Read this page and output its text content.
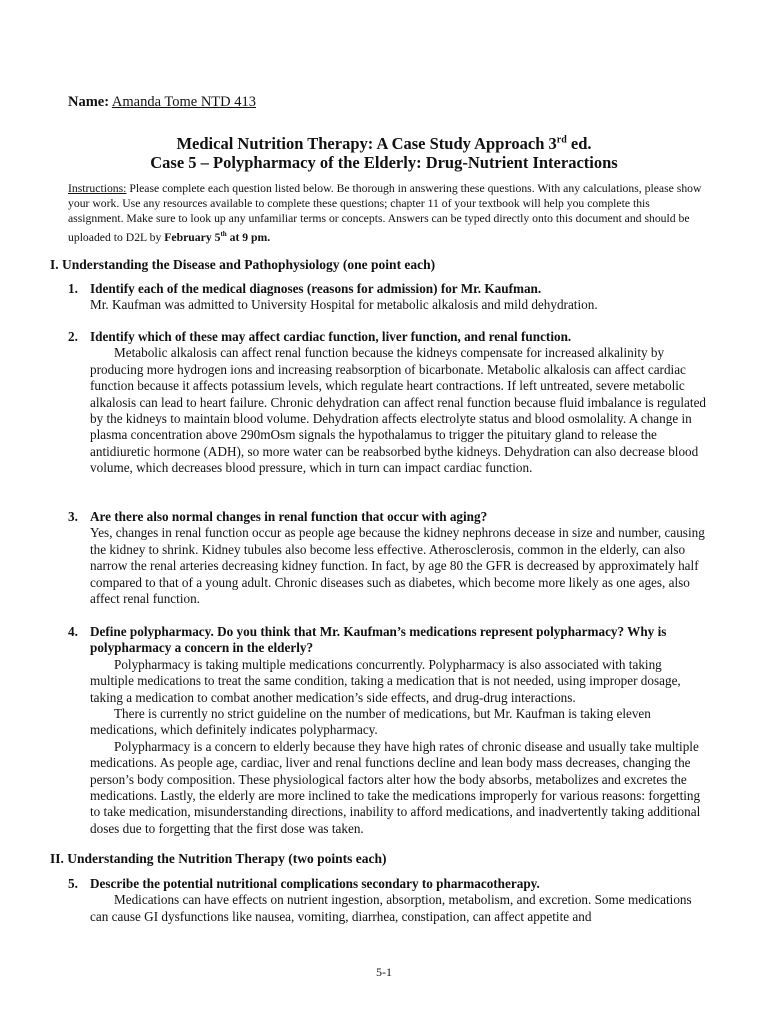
Name: Amanda Tome NTD 413
Medical Nutrition Therapy: A Case Study Approach 3rd ed.
Case 5 – Polypharmacy of the Elderly: Drug-Nutrient Interactions
Instructions: Please complete each question listed below. Be thorough in answering these questions. With any calculations, please show your work. Use any resources available to complete these questions; chapter 11 of your textbook will help you complete this assignment. Make sure to look up any unfamiliar terms or concepts. Answers can be typed directly onto this document and should be uploaded to D2L by February 5th at 9 pm.
I. Understanding the Disease and Pathophysiology (one point each)
1. Identify each of the medical diagnoses (reasons for admission) for Mr. Kaufman.
Mr. Kaufman was admitted to University Hospital for metabolic alkalosis and mild dehydration.
2. Identify which of these may affect cardiac function, liver function, and renal function.
Metabolic alkalosis can affect renal function because the kidneys compensate for increased alkalinity by producing more hydrogen ions and increasing reabsorption of bicarbonate. Metabolic alkalosis can affect cardiac function because it affects potassium levels, which regulate heart contractions. If left untreated, severe metabolic alkalosis can lead to heart failure. Chronic dehydration can affect renal function because fluid imbalance is regulated by the kidneys to maintain blood volume. Dehydration affects electrolyte status and blood osmolality. A change in plasma concentration above 290mOsm signals the hypothalamus to trigger the pituitary gland to release the antidiuretic hormone (ADH), so more water can be reabsorbed bythe kidneys. Dehydration can also decrease blood volume, which decreases blood pressure, which in turn can impact cardiac function.
3. Are there also normal changes in renal function that occur with aging?
Yes, changes in renal function occur as people age because the kidney nephrons decease in size and number, causing the kidney to shrink. Kidney tubules also become less effective. Atherosclerosis, common in the elderly, can also narrow the renal arteries decreasing kidney function. In fact, by age 80 the GFR is decreased by approximately half compared to that of a young adult. Chronic diseases such as diabetes, which become more likely as one ages, also affect renal function.
4. Define polypharmacy. Do you think that Mr. Kaufman’s medications represent polypharmacy? Why is polypharmacy a concern in the elderly?
Polypharmacy is taking multiple medications concurrently. Polypharmacy is also associated with taking multiple medications to treat the same condition, taking a medication that is not needed, using improper dosage, taking a medication to combat another medication’s side effects, and drug-drug interactions.
There is currently no strict guideline on the number of medications, but Mr. Kaufman is taking eleven medications, which definitely indicates polypharmacy.
Polypharmacy is a concern to elderly because they have high rates of chronic disease and usually take multiple medications. As people age, cardiac, liver and renal functions decline and lean body mass decreases, changing the person’s body composition. These physiological factors alter how the body absorbs, metabolizes and excretes the medications. Lastly, the elderly are more inclined to take the medications improperly for various reasons: forgetting to take medication, misunderstanding directions, inability to afford medications, and inadvertently taking additional doses due to forgetting that the first dose was taken.
II. Understanding the Nutrition Therapy (two points each)
5. Describe the potential nutritional complications secondary to pharmacotherapy.
Medications can have effects on nutrient ingestion, absorption, metabolism, and excretion. Some medications can cause GI dysfunctions like nausea, vomiting, diarrhea, constipation, can affect appetite and
5-1
